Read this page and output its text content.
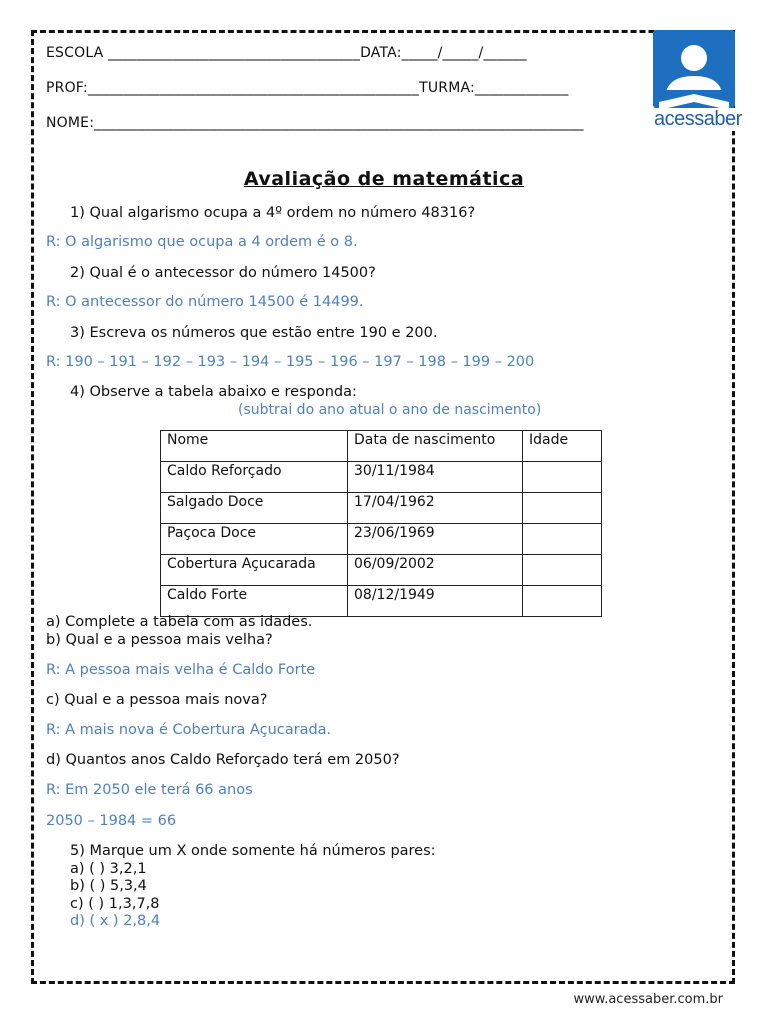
ESCOLA ___________________________________DATA:_____/_____/______
PROF:______________________________________________TURMA:_____________
NOME:____________________________________________________________________	acessaber
Avaliação de matemática
1) Qual algarismo ocupa a 4º ordem no número 48316?
R: O algarismo que ocupa a 4 ordem é o 8.
2) Qual é o antecessor do número 14500?
R: O antecessor do número 14500 é 14499.
3) Escreva os números que estão entre 190 e 200.
R: 190 – 191 – 192 – 193 – 194 – 195 – 196 – 197 – 198 – 199 – 200
4) Observe a tabela abaixo e responda:
(subtrai do ano atual o ano de nascimento)
Nome	Data de nascimento	Idade
Caldo Reforçado	30/11/1984	
Salgado Doce	17/04/1962	
Paçoca Doce	23/06/1969	
Cobertura Açucarada	06/09/2002	
Caldo Forte	08/12/1949	
a) Complete a tabela com as idades.
b) Qual e a pessoa mais velha?
R: A pessoa mais velha é Caldo Forte
c) Qual e a pessoa mais nova?
R: A mais nova é Cobertura Açucarada.
d) Quantos anos Caldo Reforçado terá em 2050?
R: Em 2050 ele terá 66 anos
2050 – 1984 = 66
5) Marque um X onde somente há números pares:
a) ( ) 3,2,1
b) ( ) 5,3,4
c) ( ) 1,3,7,8
d) ( x ) 2,8,4
www.acessaber.com.br
